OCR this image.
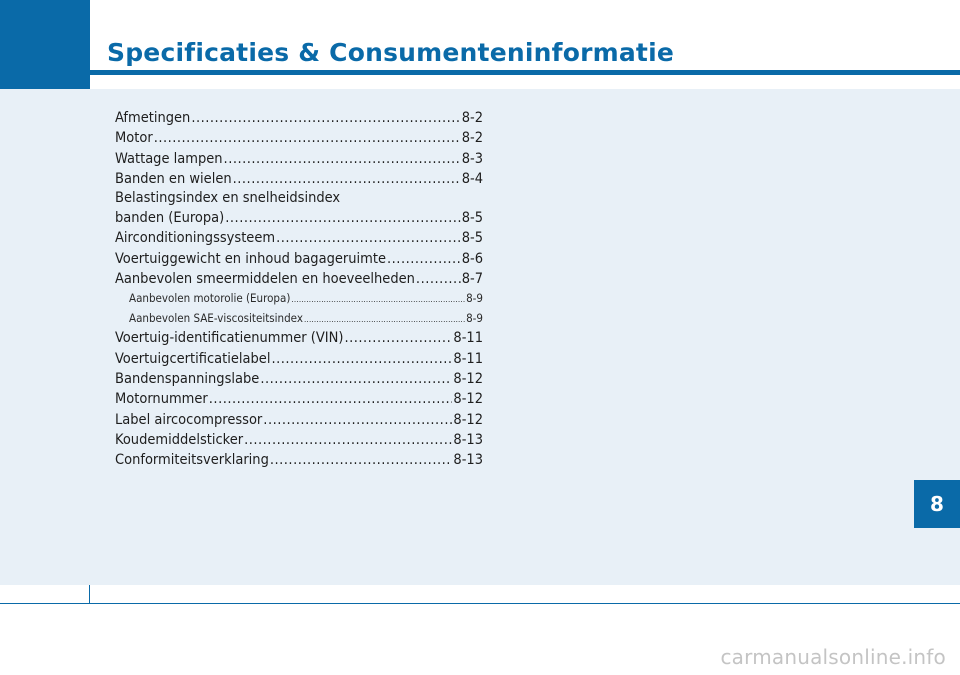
Specificaties & Consumenteninformatie
Afmetingen .....	8-2
Motor .....	8-2
Wattage lampen .....	8-3
Banden en wielen .....	8-4
Belastingsindex en snelheidsindex
banden (Europa) .....	8-5
Airconditioningssysteem .....	8-5
Voertuiggewicht en inhoud bagageruimte .....	8-6
Aanbevolen smeermiddelen en hoeveelheden .....	8-7
Aanbevolen motorolie (Europa) .....	8-9
Aanbevolen SAE-viscositeitsindex .....	8-9
Voertuig-identificatienummer (VIN) .....	8-11
Voertuigcertificatielabel .....	8-11
Bandenspanningslabe .....	8-12
Motornummer .....	8-12
Label aircocompressor .....	8-12
Koudemiddelsticker .....	8-13
Conformiteitsverklaring .....	8-13
8
carmanualsonline.info
